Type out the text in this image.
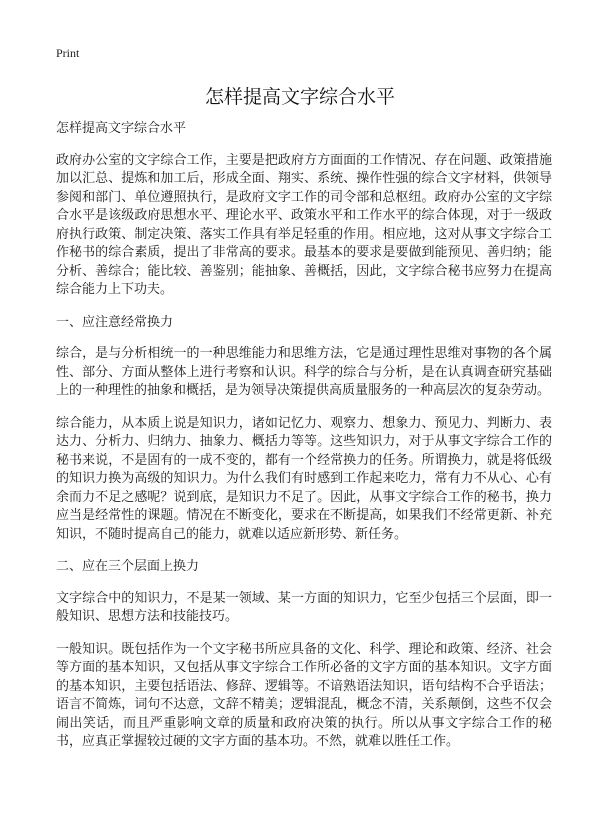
Print
怎样提高文字综合水平

怎样提高文字综合水平

政府办公室的文字综合工作，主要是把政府方方面面的工作情况、存在问题、政策措施加以汇总、提炼和加工后，形成全面、翔实、系统、操作性强的综合文字材料，供领导参阅和部门、单位遵照执行，是政府文字工作的司令部和总枢纽。政府办公室的文字综合水平是该级政府思想水平、理论水平、政策水平和工作水平的综合体现，对于一级政府执行政策、制定决策、落实工作具有举足轻重的作用。相应地，这对从事文字综合工作秘书的综合素质，提出了非常高的要求。最基本的要求是要做到能预见、善归纳；能分析、善综合；能比较、善鉴别；能抽象、善概括，因此，文字综合秘书应努力在提高综合能力上下功夫。

一、应注意经常换力

综合，是与分析相统一的一种思维能力和思维方法，它是通过理性思维对事物的各个属性、部分、方面从整体上进行考察和认识。科学的综合与分析，是在认真调查研究基础上的一种理性的抽象和概括，是为领导决策提供高质量服务的一种高层次的复杂劳动。

综合能力，从本质上说是知识力，诸如记忆力、观察力、想象力、预见力、判断力、表达力、分析力、归纳力、抽象力、概括力等等。这些知识力，对于从事文字综合工作的秘书来说，不是固有的一成不变的，都有一个经常换力的任务。所谓换力，就是将低级的知识力换为高级的知识力。为什么我们有时感到工作起来吃力，常有力不从心、心有余而力不足之感呢？说到底，是知识力不足了。因此，从事文字综合工作的秘书，换力应当是经常性的课题。情况在不断变化，要求在不断提高，如果我们不经常更新、补充知识，不随时提高自己的能力，就难以适应新形势、新任务。

二、应在三个层面上换力

文字综合中的知识力，不是某一领域、某一方面的知识力，它至少包括三个层面，即一般知识、思想方法和技能技巧。

一般知识。既包括作为一个文字秘书所应具备的文化、科学、理论和政策、经济、社会等方面的基本知识，又包括从事文字综合工作所必备的文字方面的基本知识。文字方面的基本知识，主要包括语法、修辞、逻辑等。不谙熟语法知识，语句结构不合乎语法；语言不简炼，词句不达意，文辞不精美；逻辑混乱，概念不清，关系颠倒，这些不仅会闹出笑话，而且严重影响文章的质量和政府决策的执行。所以从事文字综合工作的秘书，应真正掌握较过硬的文字方面的基本功。不然，就难以胜任工作。
